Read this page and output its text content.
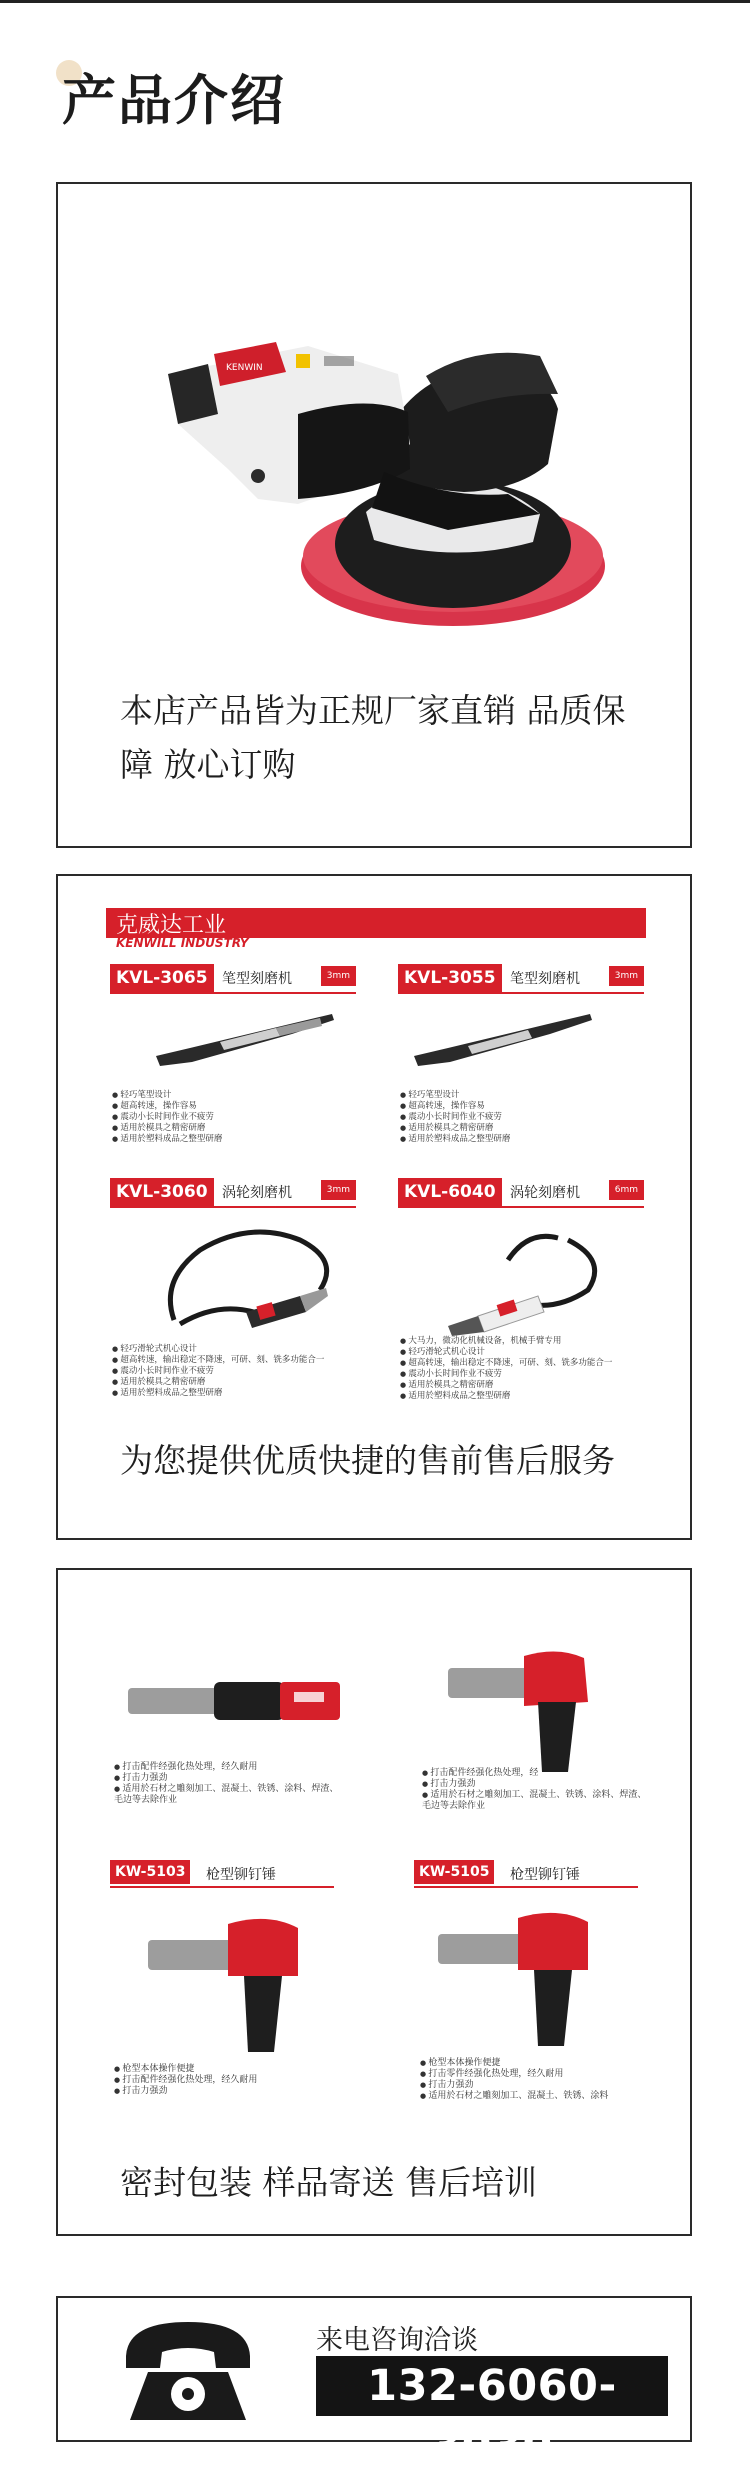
产品介绍
KENWIN
本店产品皆为正规厂家直销 品质保障 放心订购
克威达工业
KENWILL INDUSTRY
KVL-3065	笔型刻磨机	3mm
● 轻巧笔型设计
● 超高转速，操作容易
● 震动小长时间作业不疲劳
● 适用於模具之精密研磨
● 适用於塑料成品之整型研磨
KVL-3055	笔型刻磨机	3mm
● 轻巧笔型设计
● 超高转速，操作容易
● 震动小长时间作业不疲劳
● 适用於模具之精密研磨
● 适用於塑料成品之整型研磨
KVL-3060	涡轮刻磨机	3mm
● 轻巧滑轮式机心设计
● 超高转速，输出稳定不降速，可研、刻、铣多功能合一
● 震动小长时间作业不疲劳
● 适用於模具之精密研磨
● 适用於塑料成品之整型研磨
KVL-6040	涡轮刻磨机	6mm
● 大马力，微动化机械设备，机械手臂专用
● 轻巧滑轮式机心设计
● 超高转速，输出稳定不降速，可研、刻、铣多功能合一
● 震动小长时间作业不疲劳
● 适用於模具之精密研磨
● 适用於塑料成品之整型研磨
为您提供优质快捷的售前售后服务
● 打击配件经强化热处理，经久耐用
● 打击力强劲
● 适用於石材之雕刻加工、混凝土、铁锈、涂料、焊渣、毛边等去除作业
● 打击配件经强化热处理，经
● 打击力强劲
● 适用於石材之雕刻加工、混凝土、铁锈、涂料、焊渣、毛边等去除作业
KW-5103	枪型铆钉锤
● 枪型本体操作便捷
● 打击配件经强化热处理，经久耐用
● 打击力强劲
KW-5105	枪型铆钉锤
● 枪型本体操作便捷
● 打击零件经强化热处理，经久耐用
● 打击力强劲
● 适用於石材之雕刻加工、混凝土、铁锈、涂料
密封包装 样品寄送 售后培训
来电咨询洽谈
132-6060-3030
